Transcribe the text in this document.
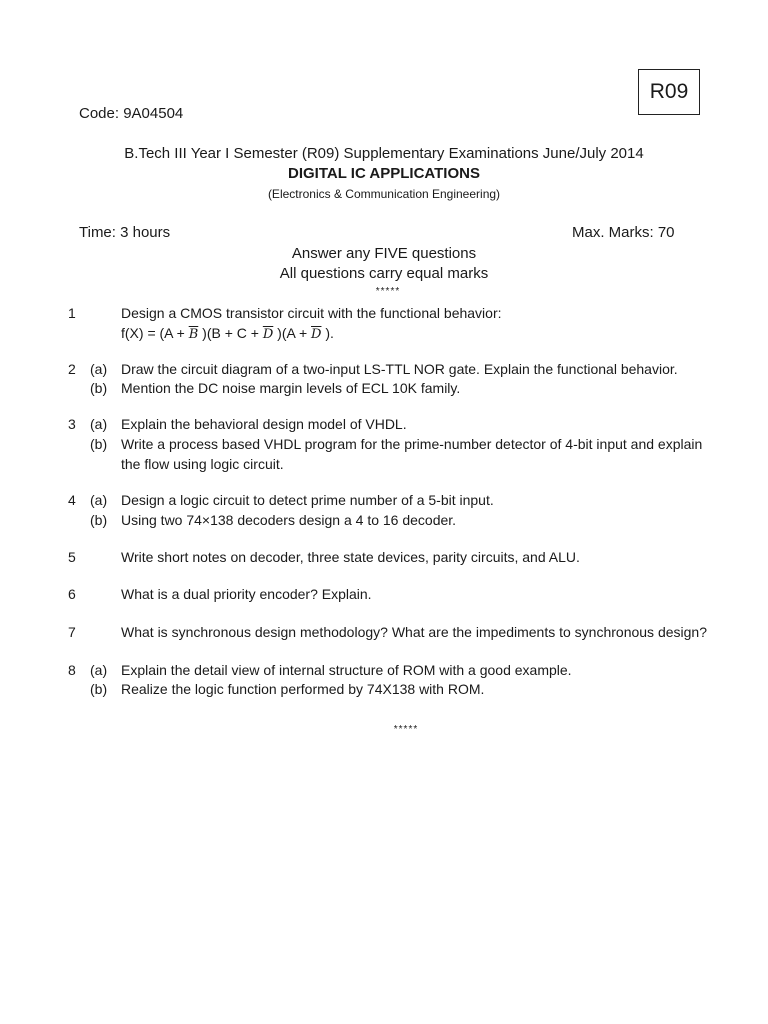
R09
Code: 9A04504
B.Tech III Year I Semester (R09) Supplementary Examinations June/July 2014
DIGITAL IC APPLICATIONS
(Electronics & Communication Engineering)
Time: 3 hours	Max. Marks: 70
Answer any FIVE questions
All questions carry equal marks
*****
1	Design a CMOS transistor circuit with the functional behavior:
$f(X) = (A + \overline{B}$ )($B + C + \overline{D}$ )($A + \overline{D}$ ).
2 (a) Draw the circuit diagram of a two-input LS-TTL NOR gate. Explain the functional behavior.
(b) Mention the DC noise margin levels of ECL 10K family.
3 (a) Explain the behavioral design model of VHDL.
(b) Write a process based VHDL program for the prime-number detector of 4-bit input and explain
the flow using logic circuit.
4 (a) Design a logic circuit to detect prime number of a 5-bit input.
(b) Using two 74×138 decoders design a 4 to 16 decoder.
5	Write short notes on decoder, three state devices, parity circuits, and ALU.
6	What is a dual priority encoder? Explain.
7	What is synchronous design methodology? What are the impediments to synchronous design?
8 (a) Explain the detail view of internal structure of ROM with a good example.
(b) Realize the logic function performed by 74X138 with ROM.
*****
